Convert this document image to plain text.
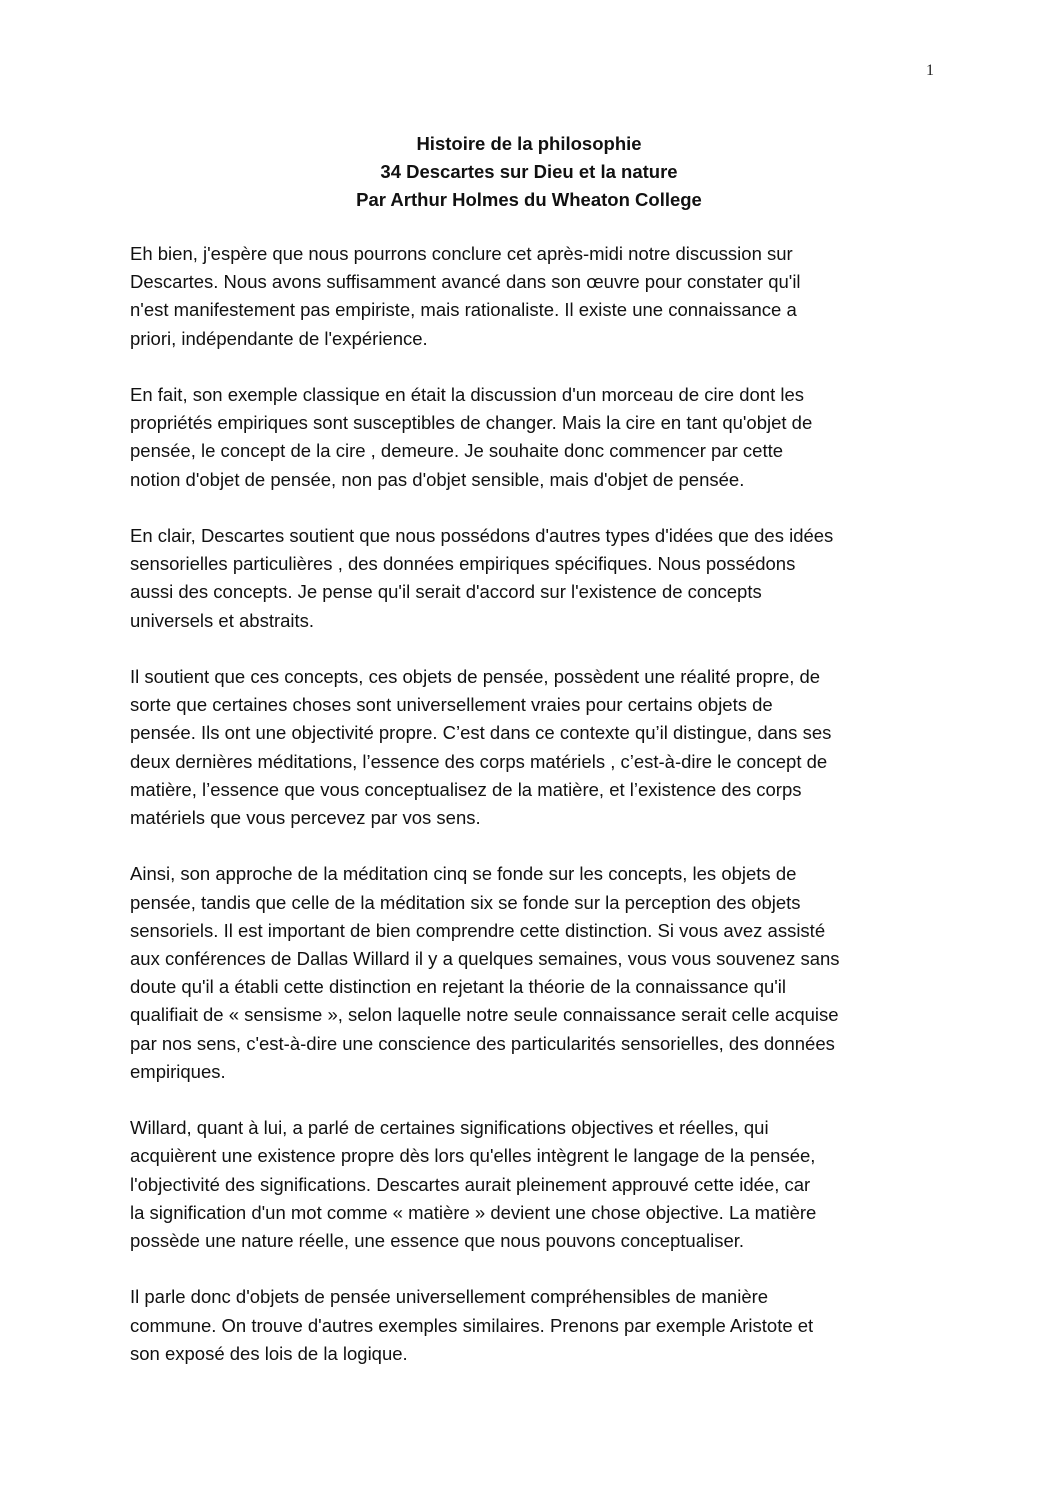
1
Histoire de la philosophie
34 Descartes sur Dieu et la nature
Par Arthur Holmes du Wheaton College

Eh bien, j'espère que nous pourrons conclure cet après-midi notre discussion sur
Descartes. Nous avons suffisamment avancé dans son œuvre pour constater qu'il
n'est manifestement pas empiriste, mais rationaliste. Il existe une connaissance a
priori, indépendante de l'expérience.

En fait, son exemple classique en était la discussion d'un morceau de cire dont les
propriétés empiriques sont susceptibles de changer. Mais la cire en tant qu'objet de
pensée, le concept de la cire , demeure. Je souhaite donc commencer par cette
notion d'objet de pensée, non pas d'objet sensible, mais d'objet de pensée.

En clair, Descartes soutient que nous possédons d'autres types d'idées que des idées
sensorielles particulières , des données empiriques spécifiques. Nous possédons
aussi des concepts. Je pense qu'il serait d'accord sur l'existence de concepts
universels et abstraits.

Il soutient que ces concepts, ces objets de pensée, possèdent une réalité propre, de
sorte que certaines choses sont universellement vraies pour certains objets de
pensée. Ils ont une objectivité propre. C’est dans ce contexte qu’il distingue, dans ses
deux dernières méditations, l’essence des corps matériels , c’est-à-dire le concept de
matière, l’essence que vous conceptualisez de la matière, et l’existence des corps
matériels que vous percevez par vos sens.

Ainsi, son approche de la méditation cinq se fonde sur les concepts, les objets de
pensée, tandis que celle de la méditation six se fonde sur la perception des objets
sensoriels. Il est important de bien comprendre cette distinction. Si vous avez assisté
aux conférences de Dallas Willard il y a quelques semaines, vous vous souvenez sans
doute qu'il a établi cette distinction en rejetant la théorie de la connaissance qu'il
qualifiait de « sensisme », selon laquelle notre seule connaissance serait celle acquise
par nos sens, c'est-à-dire une conscience des particularités sensorielles, des données
empiriques.

Willard, quant à lui, a parlé de certaines significations objectives et réelles, qui
acquièrent une existence propre dès lors qu'elles intègrent le langage de la pensée,
l'objectivité des significations. Descartes aurait pleinement approuvé cette idée, car
la signification d'un mot comme « matière » devient une chose objective. La matière
possède une nature réelle, une essence que nous pouvons conceptualiser.

Il parle donc d'objets de pensée universellement compréhensibles de manière
commune. On trouve d'autres exemples similaires. Prenons par exemple Aristote et
son exposé des lois de la logique.
